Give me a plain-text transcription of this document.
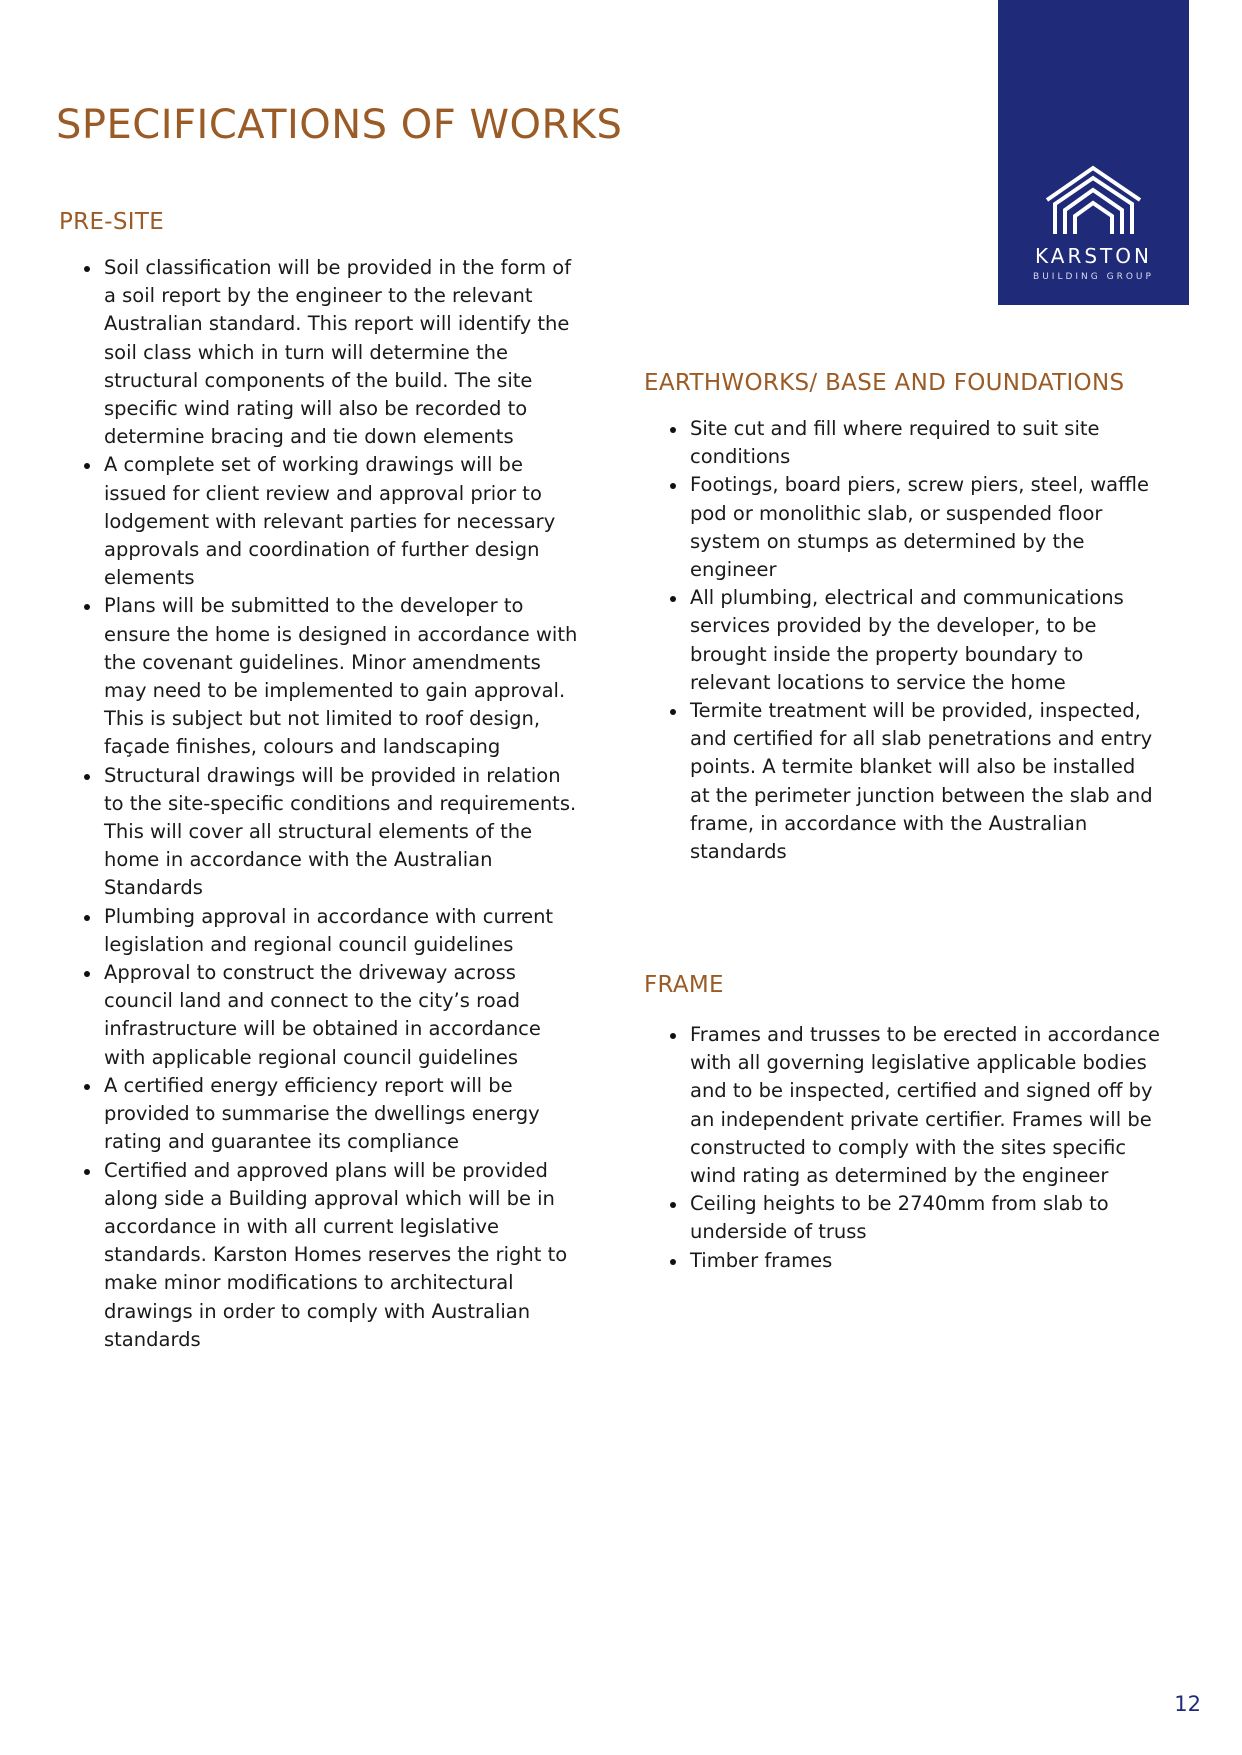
SPECIFICATIONS OF WORKS
KARSTON
BUILDING GROUP
PRE-SITE
Soil classification will be provided in the form of a soil report by the engineer to the relevant Australian standard. This report will identify the soil class which in turn will determine the structural components of the build. The site specific wind rating will also be recorded to determine bracing and tie down elements
A complete set of working drawings will be issued for client review and approval prior to lodgement with relevant parties for necessary approvals and coordination of further design elements
Plans will be submitted to the developer to ensure the home is designed in accordance with the covenant guidelines. Minor amendments may need to be implemented to gain approval. This is subject but not limited to roof design, façade finishes, colours and landscaping
Structural drawings will be provided in relation to the site-specific conditions and requirements. This will cover all structural elements of the home in accordance with the Australian Standards
Plumbing approval in accordance with current legislation and regional council guidelines
Approval to construct the driveway across council land and connect to the city’s road infrastructure will be obtained in accordance with applicable regional council guidelines
A certified energy efficiency report will be provided to summarise the dwellings energy rating and guarantee its compliance
Certified and approved plans will be provided along side a Building approval which will be in accordance in with all current legislative standards. Karston Homes reserves the right to make minor modifications to architectural drawings in order to comply with Australian standards
EARTHWORKS/ BASE AND FOUNDATIONS
Site cut and fill where required to suit site conditions
Footings, board piers, screw piers, steel, waffle pod or monolithic slab, or suspended floor system on stumps as determined by the engineer
All plumbing, electrical and communications services provided by the developer, to be brought inside the property boundary to relevant locations to service the home
Termite treatment will be provided, inspected, and certified for all slab penetrations and entry points. A termite blanket will also be installed at the perimeter junction between the slab and frame, in accordance with the Australian standards
FRAME
Frames and trusses to be erected in accordance with all governing legislative applicable bodies and to be inspected, certified and signed off by an independent private certifier. Frames will be constructed to comply with the sites specific wind rating as determined by the engineer
Ceiling heights to be 2740mm from slab to underside of truss
Timber frames
12
